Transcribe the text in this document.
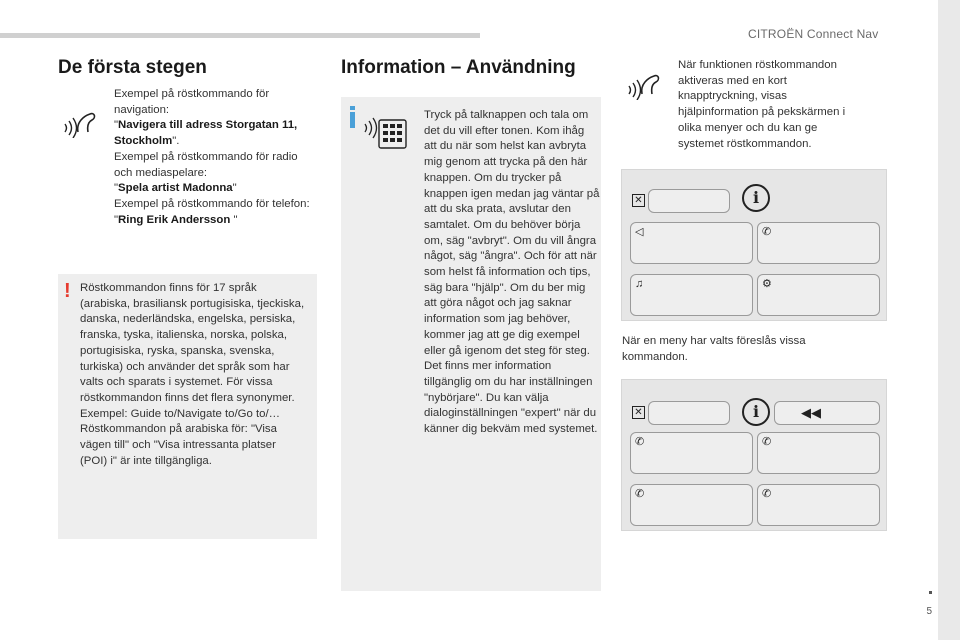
CITROËN Connect Nav
5
De första stegen
Exempel på röstkommando för navigation:
"Navigera till adress Storgatan 11, Stockholm".
Exempel på röstkommando för radio och mediaspelare:
"Spela artist Madonna"
Exempel på röstkommando för telefon:
"Ring Erik Andersson "
! Röstkommandon finns för 17 språk (arabiska, brasiliansk portugisiska, tjeckiska, danska, nederländska, engelska, persiska, franska, tyska, italienska, norska, polska, portugisiska, ryska, spanska, svenska, turkiska) och använder det språk som har valts och sparats i systemet. För vissa röstkommandon finns det flera synonymer. Exempel: Guide to/Navigate to/Go to/… Röstkommandon på arabiska för: "Visa vägen till" och "Visa intressanta platser (POI) i" är inte tillgängliga.
Information – Användning
Tryck på talknappen och tala om det du vill efter tonen. Kom ihåg att du när som helst kan avbryta mig genom att trycka på den här knappen. Om du trycker på knappen igen medan jag väntar på att du ska prata, avslutar den samtalet. Om du behöver börja om, säg "avbryt". Om du vill ångra något, säg "ångra". Och för att när som helst få information och tips, säg bara "hjälp". Om du ber mig att göra något och jag saknar information som jag behöver, kommer jag att ge dig exempel eller gå igenom det steg för steg. Det finns mer information tillgänglig om du har inställningen "nybörjare". Du kan välja dialoginställningen "expert" när du känner dig bekväm med systemet.
När funktionen röstkommandon aktiveras med en kort knapptryckning, visas hjälpinformation på pekskärmen i olika menyer och du kan ge systemet röstkommandon.
✕	i
◁	✆
♫	⚙
När en meny har valts föreslås vissa kommandon.
✕	i	◀◀
✆	✆
✆	✆
